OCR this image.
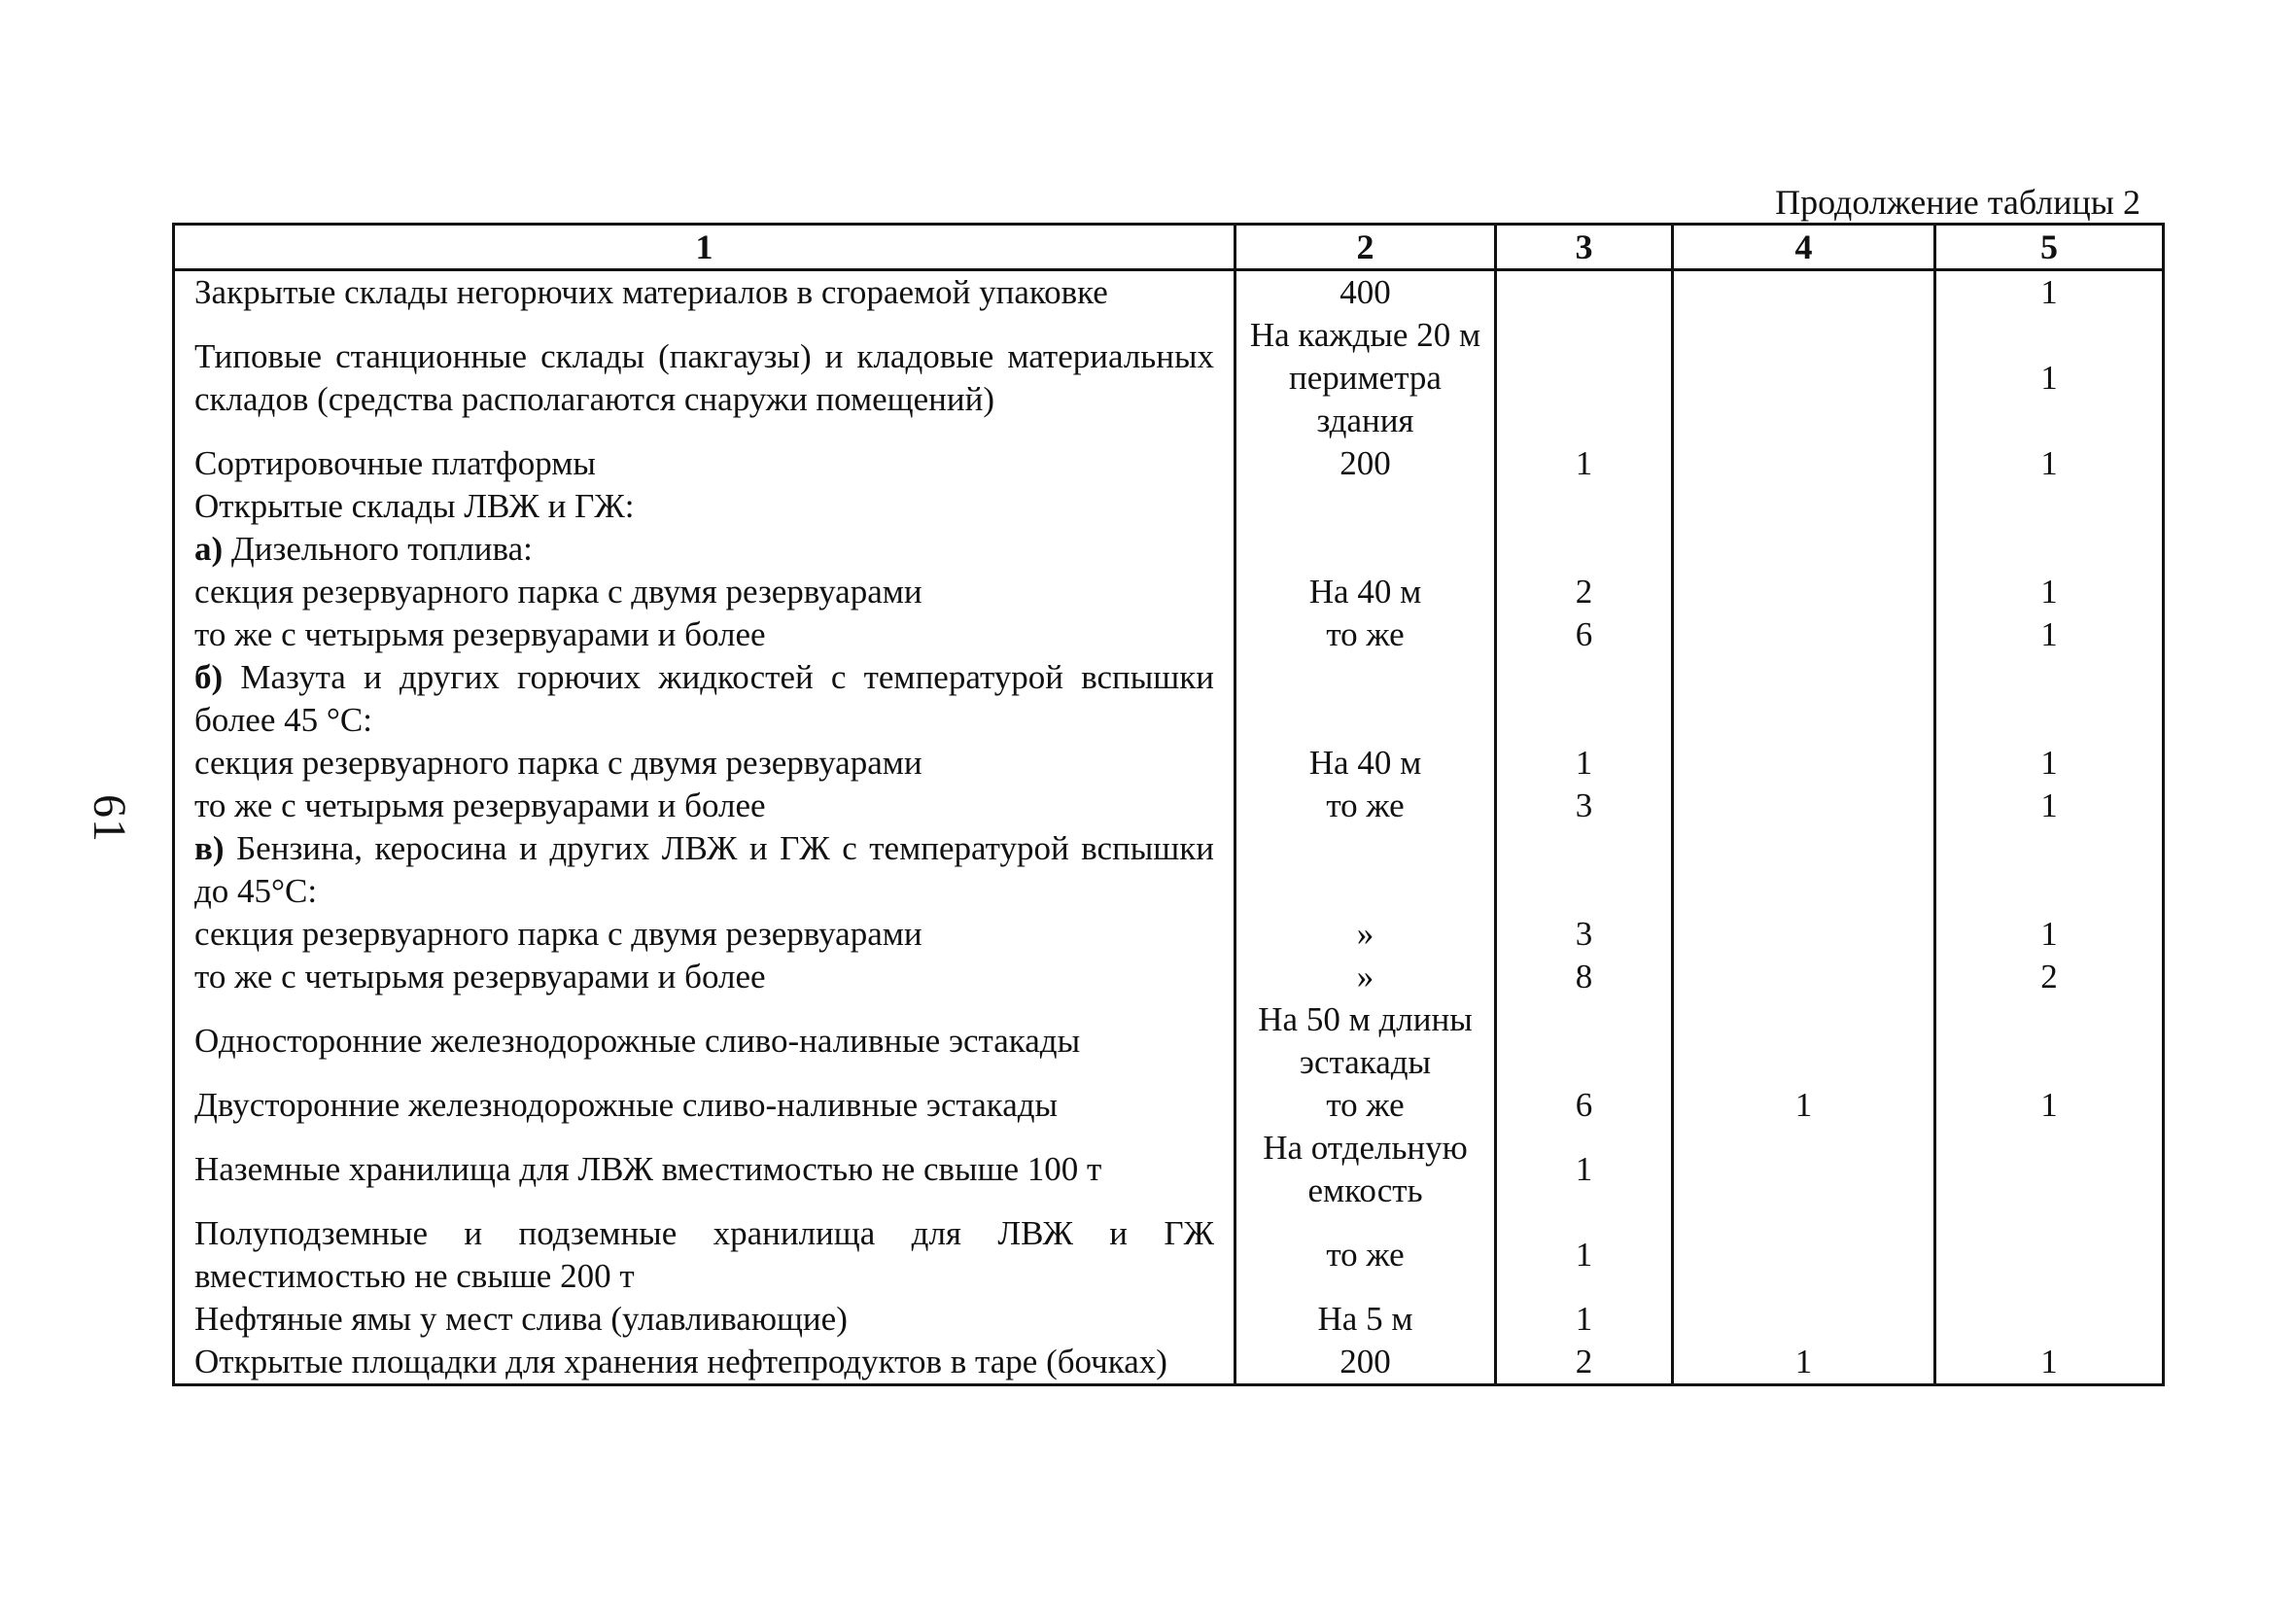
61
Продолжение таблицы 2
1	2	3	4	5
Закрытые склады негорючих материалов в сгораемой упаковке	400			1
Типовые станционные склады (пакгаузы) и кладовые материальных складов (средства располагаются снаружи помещений)	На каждые 20 м периметра здания			1
Сортировочные платформы	200	1		1
Открытые склады ЛВЖ и ГЖ:				
а) Дизельного топлива:				
секция резервуарного парка с двумя резервуарами	На 40 м	2		1
то же с четырьмя резервуарами и более	то же	6		1
б) Мазута и других горючих жидкостей с температурой вспышки более 45 °С:				
секция резервуарного парка с двумя резервуарами	На 40 м	1		1
то же с четырьмя резервуарами и более	то же	3		1
в) Бензина, керосина и других ЛВЖ и ГЖ с температурой вспышки до 45°С:				
секция резервуарного парка с двумя резервуарами	»	3		1
то же с четырьмя резервуарами и более	»	8		2
Односторонние железнодорожные сливо-наливные эстакады	На 50 м длины эстакады			
Двусторонние железнодорожные сливо-наливные эстакады	то же	6	1	1
Наземные хранилища для ЛВЖ вместимостью не свыше 100 т	На отдельную емкость	1		
Полуподземные и подземные хранилища для ЛВЖ и ГЖ вместимостью не свыше 200 т	то же	1		
Нефтяные ямы у мест слива (улавливающие)	На 5 м	1		
Открытые площадки для хранения нефтепродуктов в таре (бочках)	200	2	1	1
